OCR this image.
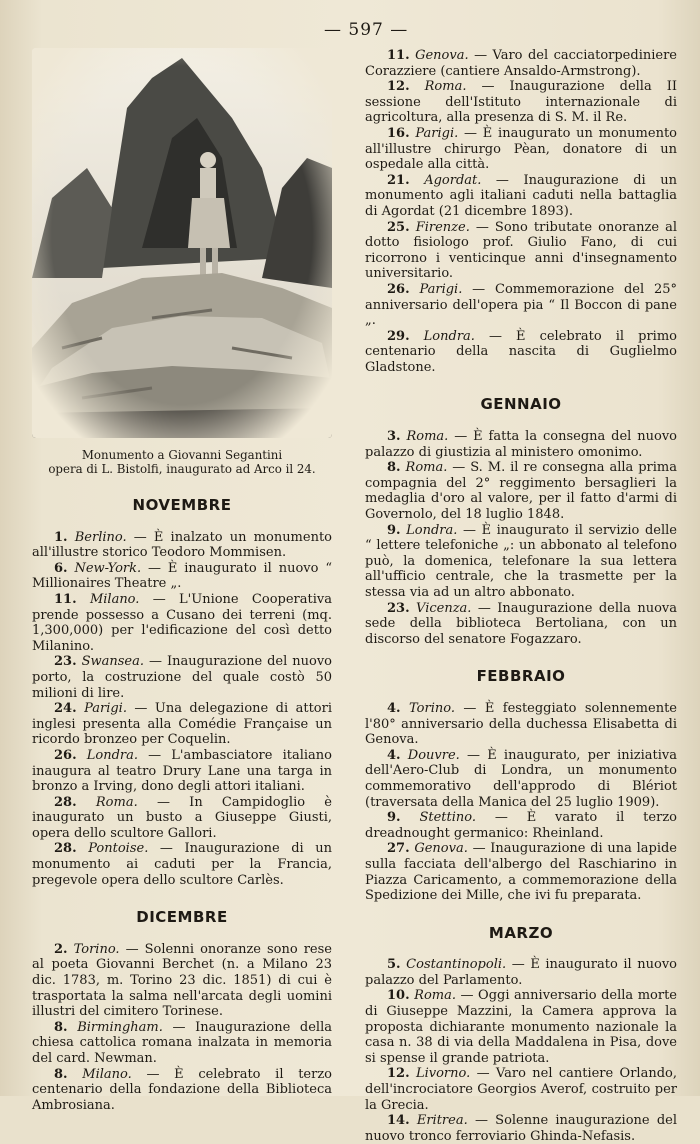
— 597 —

Monumento a Giovanni Segantini
opera di L. Bistolfi, inaugurato ad Arco il 24.

NOVEMBRE

1. Berlino. — È inalzato un monumento all'illustre storico Teodoro Mommisen.

6. New-York. — È inaugurato il nuovo “ Millionaires Theatre „.

11. Milano. — L'Unione Cooperativa prende possesso a Cusano dei terreni (mq. 1,300,000) per l'edificazione del così detto Milanino.

23. Swansea. — Inaugurazione del nuovo porto, la costruzione del quale costò 50 milioni di lire.

24. Parigi. — Una delegazione di attori inglesi presenta alla Comédie Française un ricordo bronzeo per Coquelin.

26. Londra. — L'ambasciatore italiano inaugura al teatro Drury Lane una targa in bronzo a Irving, dono degli attori italiani.

28. Roma. — In Campidoglio è inaugurato un busto a Giuseppe Giusti, opera dello scultore Gallori.

28. Pontoise. — Inaugurazione di un monumento ai caduti per la Francia, pregevole opera dello scultore Carlès.

DICEMBRE

2. Torino. — Solenni onoranze sono rese al poeta Giovanni Berchet (n. a Milano 23 dic. 1783, m. Torino 23 dic. 1851) di cui è trasportata la salma nell'arcata degli uomini illustri del cimitero Torinese.

8. Birmingham. — Inaugurazione della chiesa cattolica romana inalzata in memoria del card. Newman.

8. Milano. — È celebrato il terzo centenario della fondazione della Biblioteca Ambrosiana.

11. Genova. — Varo del cacciatorpediniere Corazziere (cantiere Ansaldo-Armstrong).

12. Roma. — Inaugurazione della II sessione dell'Istituto internazionale di agricoltura, alla presenza di S. M. il Re.

16. Parigi. — È inaugurato un monumento all'illustre chirurgo Pèan, donatore di un ospedale alla città.

21. Agordat. — Inaugurazione di un monumento agli italiani caduti nella battaglia di Agordat (21 dicembre 1893).

25. Firenze. — Sono tributate onoranze al dotto fisiologo prof. Giulio Fano, di cui ricorrono i venticinque anni d'insegnamento universitario.

26. Parigi. — Commemorazione del 25° anniversario dell'opera pia “ Il Boccon di pane „.

29. Londra. — È celebrato il primo centenario della nascita di Guglielmo Gladstone.

GENNAIO

3. Roma. — È fatta la consegna del nuovo palazzo di giustizia al ministero omonimo.

8. Roma. — S. M. il re consegna alla prima compagnia del 2° reggimento bersaglieri la medaglia d'oro al valore, per il fatto d'armi di Governolo, del 18 luglio 1848.

9. Londra. — È inaugurato il servizio delle “ lettere telefoniche „: un abbonato al telefono può, la domenica, telefonare la sua lettera all'ufficio centrale, che la trasmette per la stessa via ad un altro abbonato.

23. Vicenza. — Inaugurazione della nuova sede della biblioteca Bertoliana, con un discorso del senatore Fogazzaro.

FEBBRAIO

4. Torino. — È festeggiato solennemente l'80° anniversario della duchessa Elisabetta di Genova.

4. Douvre. — È inaugurato, per iniziativa dell'Aero-Club di Londra, un monumento commemorativo dell'approdo di Blériot (traversata della Manica del 25 luglio 1909).

9. Stettino. — È varato il terzo dreadnought germanico: Rheinland.

27. Genova. — Inaugurazione di una lapide sulla facciata dell'albergo del Raschiarino in Piazza Caricamento, a commemorazione della Spedizione dei Mille, che ivi fu preparata.

MARZO

5. Costantinopoli. — È inaugurato il nuovo palazzo del Parlamento.

10. Roma. — Oggi anniversario della morte di Giuseppe Mazzini, la Camera approva la proposta dichiarante monumento nazionale la casa n. 38 di via della Maddalena in Pisa, dove si spense il grande patriota.

12. Livorno. — Varo nel cantiere Orlando, dell'incrociatore Georgios Averof, costruito per la Grecia.

14. Eritrea. — Solenne inaugurazione del nuovo tronco ferroviario Ghinda-Nefasis.
